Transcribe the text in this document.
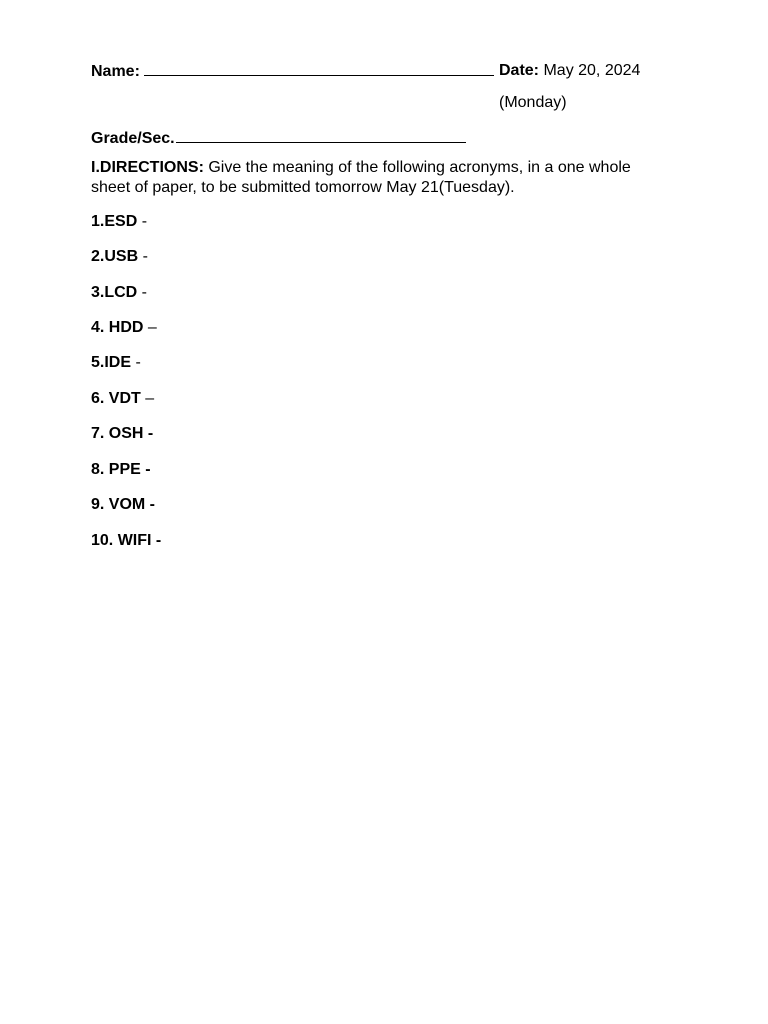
Name:	Date: May 20, 2024
(Monday)
Grade/Sec.
I.DIRECTIONS: Give the meaning of the following acronyms, in a one whole sheet of paper, to be submitted tomorrow May 21(Tuesday).
1.ESD -
2.USB -
3.LCD -
4. HDD –
5.IDE -
6. VDT –
7. OSH -
8. PPE -
9. VOM -
10. WIFI -
